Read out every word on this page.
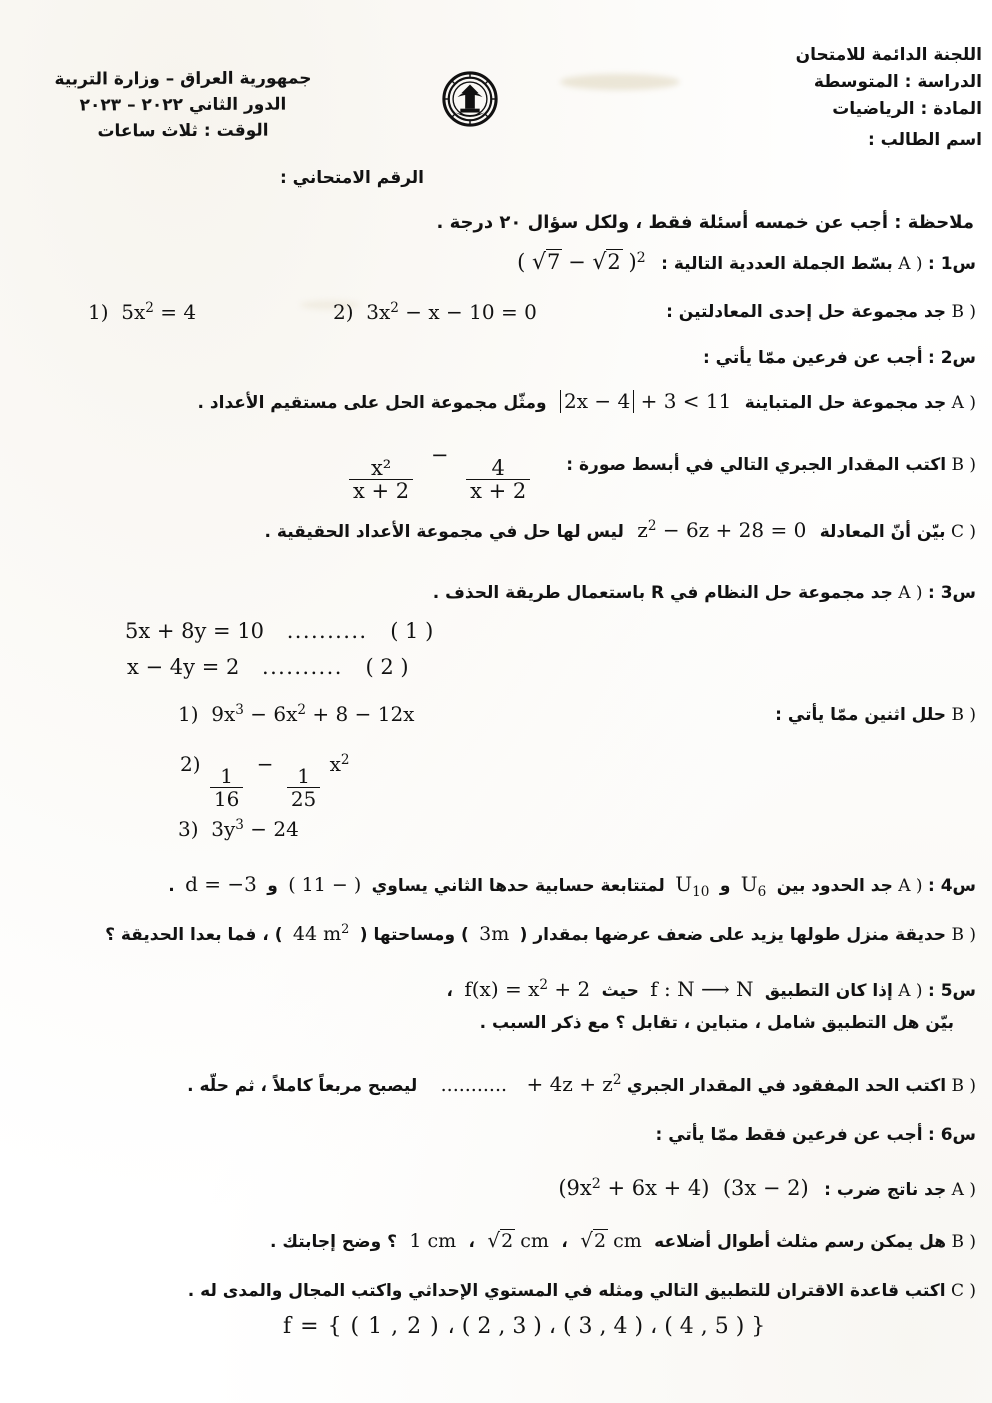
جمهورية العراق – وزارة التربية
الدور الثاني ٢٠٢٢ – ٢٠٢٣
الوقت : ثلاث ساعات
اللجنة الدائمة للامتحان
الدراسة : المتوسطة
المادة : الرياضيات
اسم الطالب :
الرقم الامتحاني :
ملاحظة : أجب عن خمسه أسئلة فقط ، ولكل سؤال ٢٠ درجة .
س1 : A ) بسّط الجملة العددية التالية : ( √7 − √2 )$^2$
B ) جد مجموعة حل إحدى المعادلتين :
2)  $3x^2 - x - 10 = 0$
1)  $5x^2 = 4$
س2 : أجب عن فرعين ممّا يأتي :
A ) جد مجموعة حل المتباينة 2x − 4 + 3 < 11 ومثّل مجموعة الحل على مستقيم الأعداد .
B ) اكتب المقدار الجبري التالي في أبسط صورة :
$\frac{\text{x²}}{x + 2}$
−
$\frac{4}{x + 2}$
C ) بيّن أنّ المعادلة $z^2 - 6z + 28 = 0$ ليس لها حل في مجموعة الأعداد الحقيقية .
س3 : A ) جد مجموعة حل النظام في R باستعمال طريقة الحذف .
5x + 8y = 10 .......... ( 1 )
x − 4y = 2 .......... ( 2 )
B ) حلل اثنين ممّا يأتي :
1)  $9x^3 - 6x^2 + 8 - 12x$
2)
$\frac{1}{16}$
−
$\frac{1}{25}$
$x^2$
3)  $3y^3 - 24$
س4 : A ) جد الحدود بين $U_6$ و $U_{10}$ لمتتابعة حسابية حدها الثاني يساوي ( 11 − ) و d = −3 .
B ) حديقة منزل طولها يزيد على ضعف عرضها بمقدار ( 3m ) ومساحتها ( 44 $m^2$ ) ، فما بعدا الحديقة ؟
س5 : A ) إذا كان التطبيق f : N ⟶ N حيث $f(x) = x^2 + 2$ ،
بيّن هل التطبيق شامل ، متباين ، تقابل ؟ مع ذكر السبب .
B ) اكتب الحد المفقود في المقدار الجبري ........... + $4z + z^2$ ليصبح مربعاً كاملاً ، ثم حلّه .
س6 : أجب عن فرعين فقط ممّا يأتي :
A ) جد ناتج ضرب : $(9x^2 + 6x + 4) (3x - 2)$
B ) هل يمكن رسم مثلث أطوال أضلاعه √2 cm ، √2 cm ، 1 cm ؟ وضح إجابتك .
C ) اكتب قاعدة الاقتران للتطبيق التالي ومثله في المستوي الإحداثي واكتب المجال والمدى له .
f = { ( 1 , 2 ) ، ( 2 , 3 ) ، ( 3 , 4 ) ، ( 4 , 5 ) }
